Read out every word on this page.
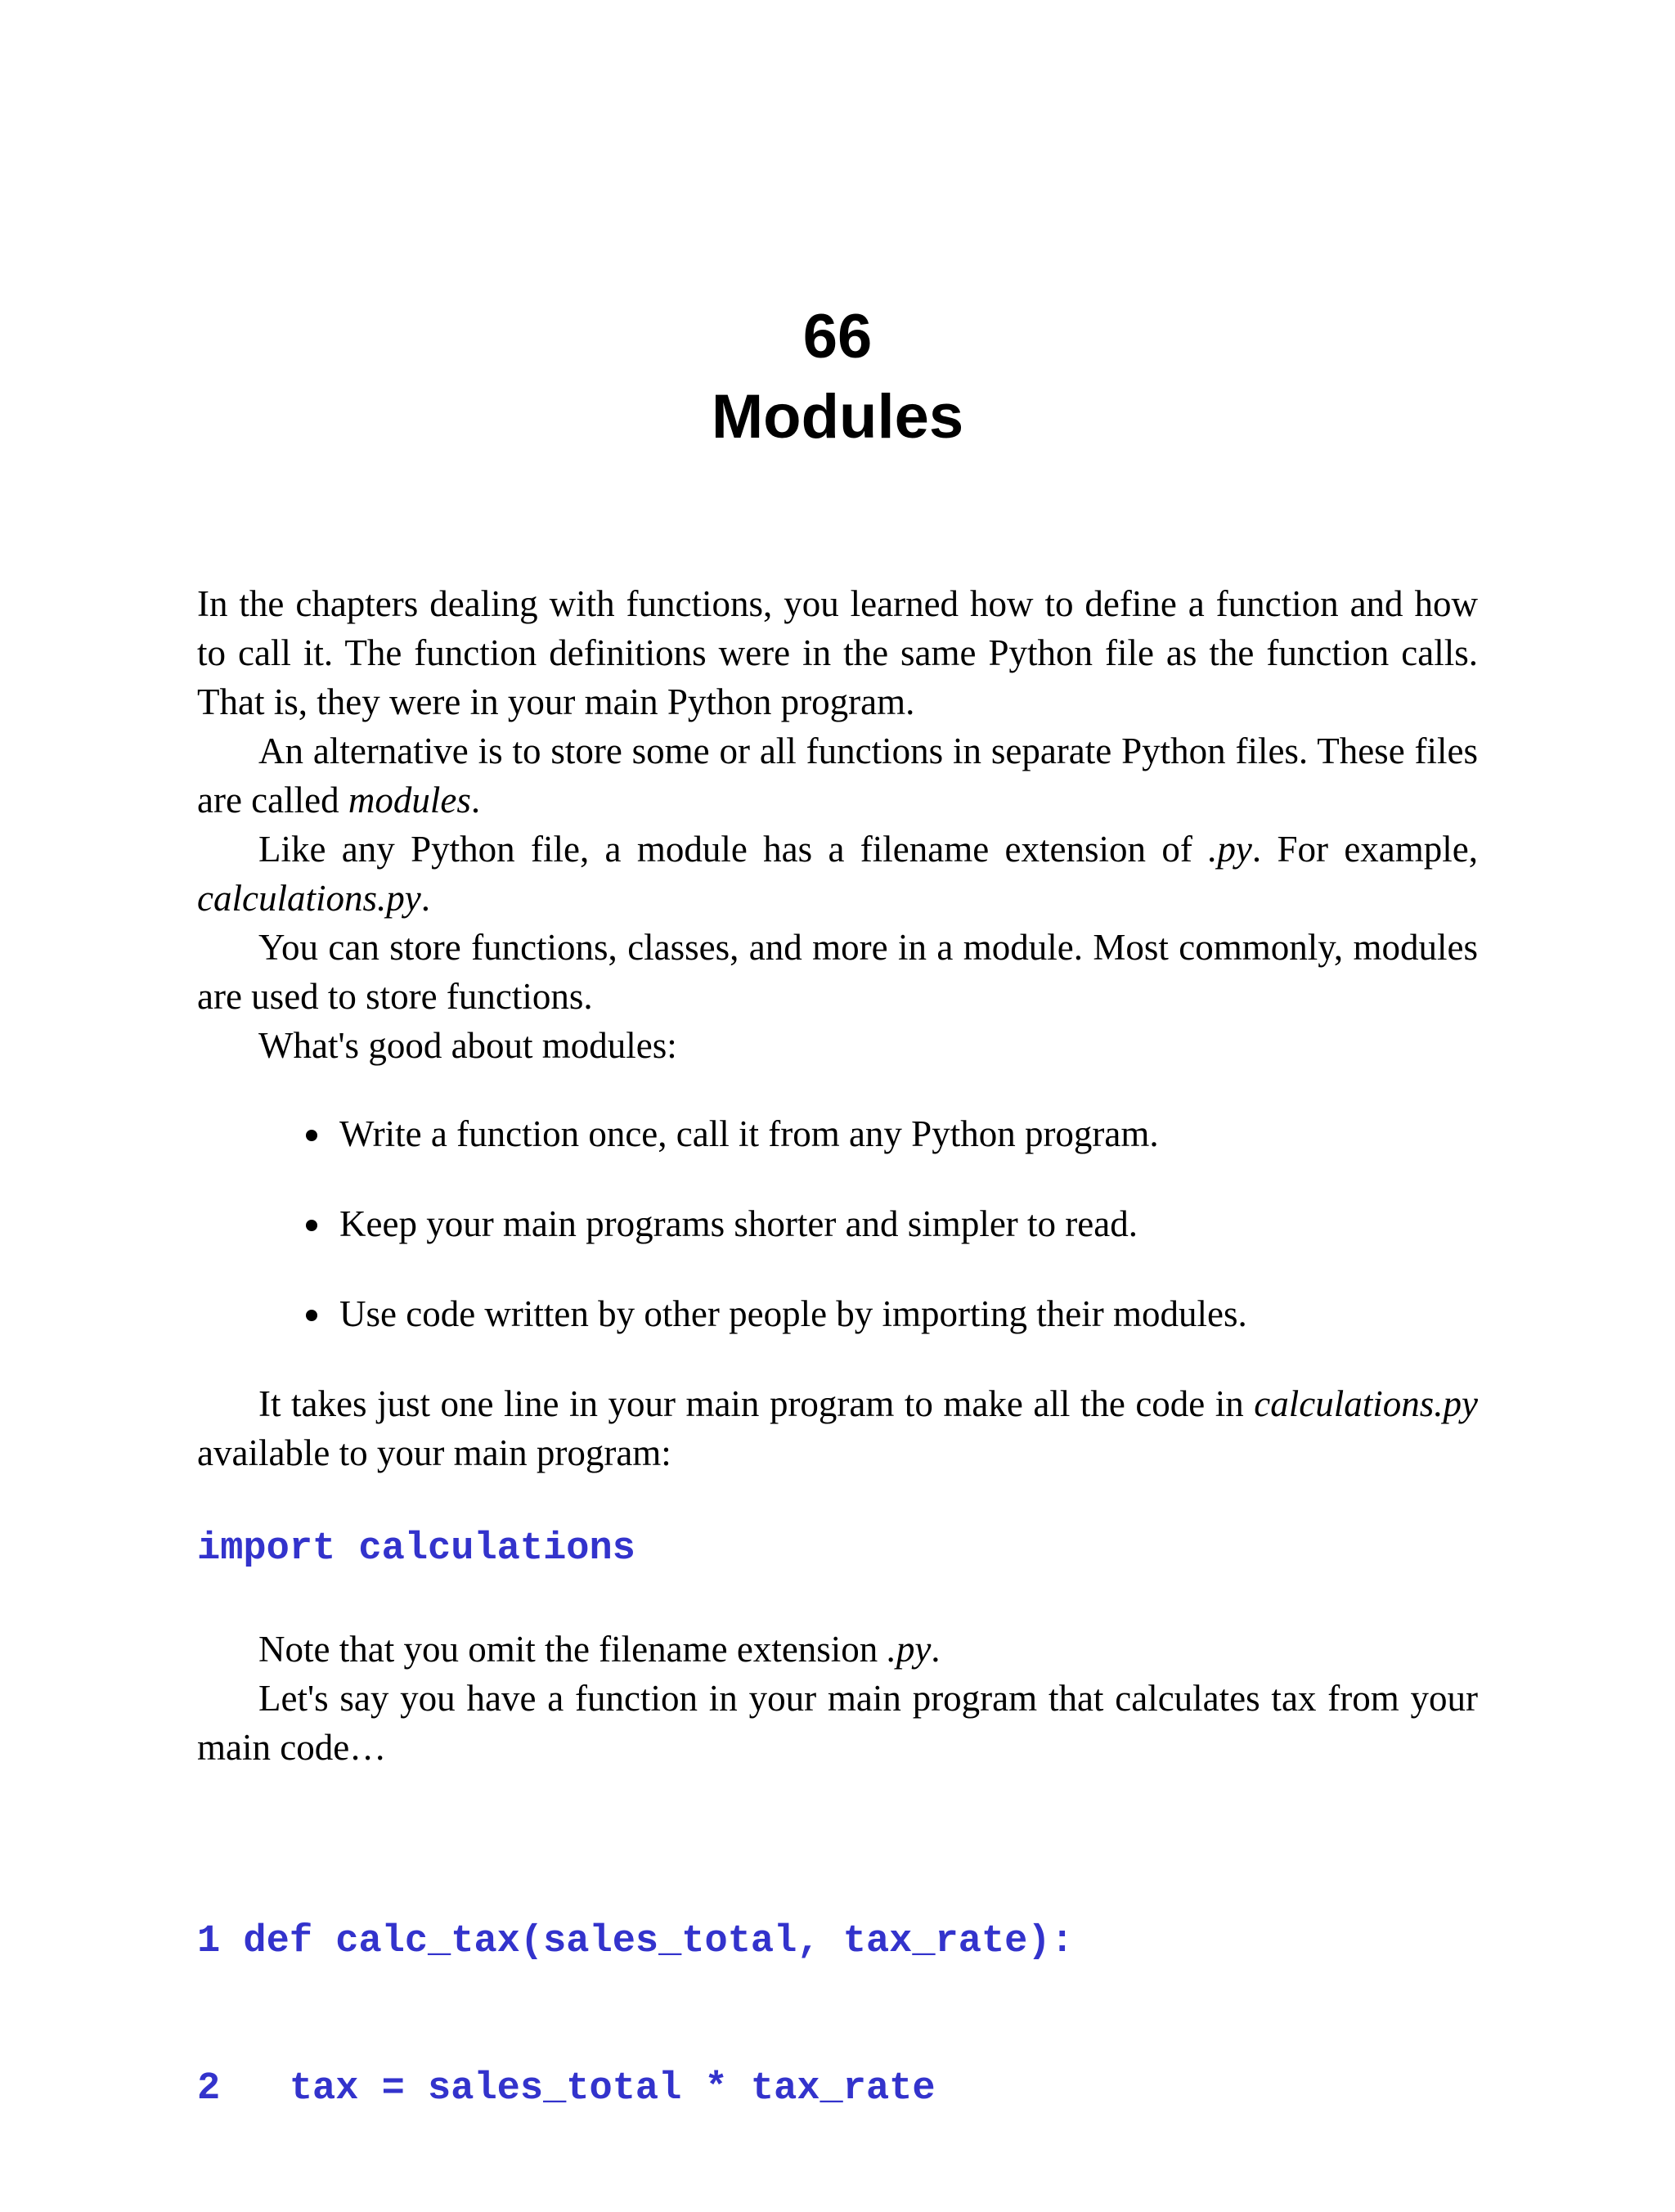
66
Modules

In the chapters dealing with functions, you learned how to define a function and how to call it. The function definitions were in the same Python file as the function calls. That is, they were in your main Python program.

An alternative is to store some or all functions in separate Python files. These files are called modules.

Like any Python file, a module has a filename extension of .py. For example, calculations.py.

You can store functions, classes, and more in a module. Most commonly, modules are used to store functions.

What's good about modules:

Write a function once, call it from any Python program.
Keep your main programs shorter and simpler to read.
Use code written by other people by importing their modules.

It takes just one line in your main program to make all the code in calculations.py available to your main program:

import calculations

Note that you omit the filename extension .py.

Let's say you have a function in your main program that calculates tax from your main code…

1 def calc_tax(sales_total, tax_rate):

2   tax = sales_total * tax_rate
